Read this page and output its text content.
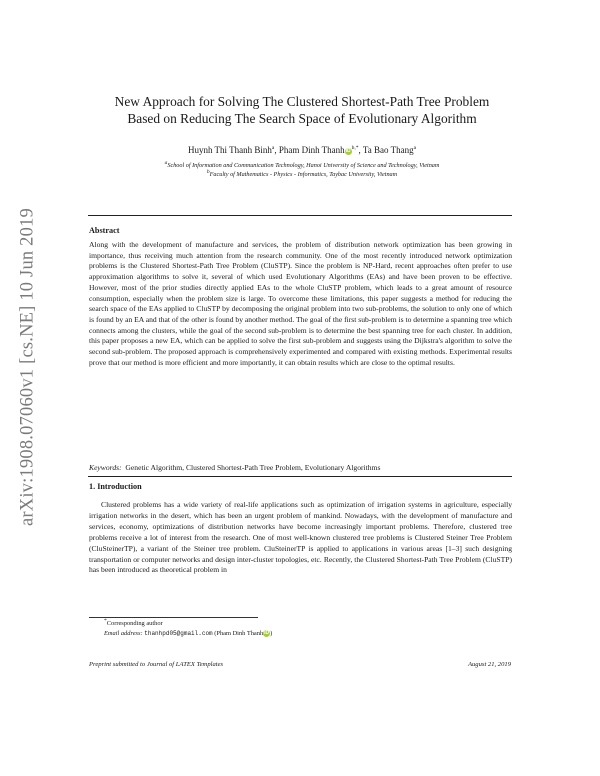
arXiv:1908.07060v1 [cs.NE] 10 Jun 2019
New Approach for Solving The Clustered Shortest-Path Tree Problem
Based on Reducing The Search Space of Evolutionary Algorithm
Huynh Thi Thanh Binh$^a$, Pham Dinh ThanhiD$^{b,*}$, Ta Bao Thang$^a$
$^a$School of Information and Communication Technology, Hanoi University of Science and Technology, Vietnam
$^b$Faculty of Mathematics - Physics - Informatics, Taybac University, Vietnam
Abstract
Along with the development of manufacture and services, the problem of distribution network optimization has been growing in importance, thus receiving much attention from the research community. One of the most recently introduced network optimization problems is the Clustered Shortest-Path Tree Problem (CluSTP). Since the problem is NP-Hard, recent approaches often prefer to use approximation algorithms to solve it, several of which used Evolutionary Algorithms (EAs) and have been proven to be effective. However, most of the prior studies directly applied EAs to the whole CluSTP problem, which leads to a great amount of resource consumption, especially when the problem size is large. To overcome these limitations, this paper suggests a method for reducing the search space of the EAs applied to CluSTP by decomposing the original problem into two sub-problems, the solution to only one of which is found by an EA and that of the other is found by another method. The goal of the first sub-problem is to determine a spanning tree which connects among the clusters, while the goal of the second sub-problem is to determine the best spanning tree for each cluster. In addition, this paper proposes a new EA, which can be applied to solve the first sub-problem and suggests using the Dijkstra's algorithm to solve the second sub-problem. The proposed approach is comprehensively experimented and compared with existing methods. Experimental results prove that our method is more efficient and more importantly, it can obtain results which are close to the optimal results.
Keywords: Genetic Algorithm, Clustered Shortest-Path Tree Problem, Evolutionary Algorithms
1. Introduction
Clustered problems has a wide variety of real-life applications such as optimization of irrigation systems in agriculture, especially irrigation networks in the desert, which has been an urgent problem of mankind. Nowadays, with the development of manufacture and services, economy, optimizations of distribution networks have become increasingly important problems. Therefore, clustered tree problems receive a lot of interest from the research. One of most well-known clustered tree problems is Clustered Steiner Tree Problem (CluSteinerTP), a variant of the Steiner tree problem. CluSteinerTP is applied to applications in various areas [1–3] such designing transportation or computer networks and design inter-cluster topologies, etc. Recently, the Clustered Shortest-Path Tree Problem (CluSTP) has been introduced as theoretical problem in
*Corresponding author
Email address: thanhpd05@gmail.com (Pham Dinh ThanhiD)
Preprint submitted to Journal of LATEX Templates	August 21, 2019
